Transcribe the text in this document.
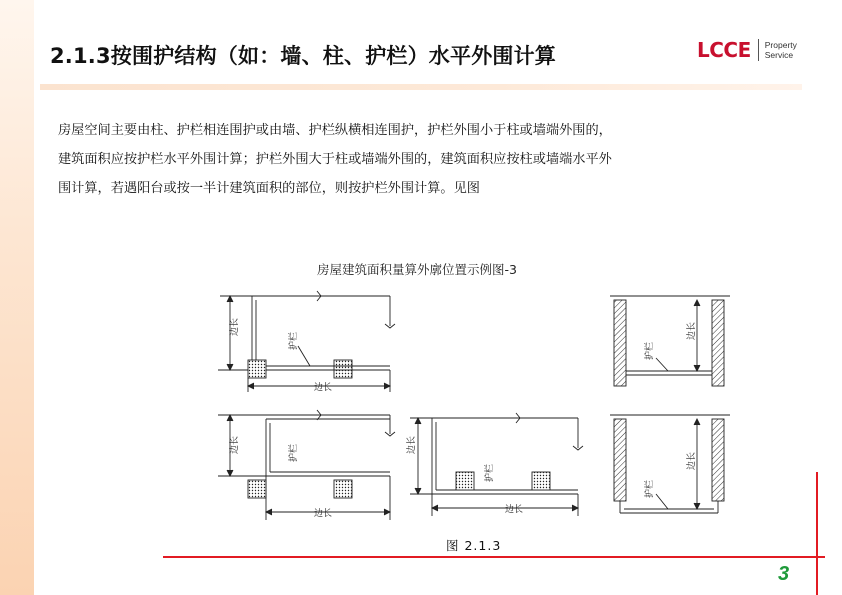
2.1.3按围护结构（如：墙、柱、护栏）水平外围计算	LCCE Property
Service
房屋空间主要由柱、护栏相连围护或由墙、护栏纵横相连围护，护栏外围小于柱或墙端外围的，
建筑面积应按护栏水平外围计算；护栏外围大于柱或墙端外围的，建筑面积应按柱或墙端水平外
围计算，若遇阳台或按一半计建筑面积的部位，则按护栏外围计算。见图
房屋建筑面积量算外廓位置示例图-3
边长
护栏
边长
边长	护栏
边长
边长
护栏
边长
边长
护栏
边长
护栏
图 2.1.3
3
